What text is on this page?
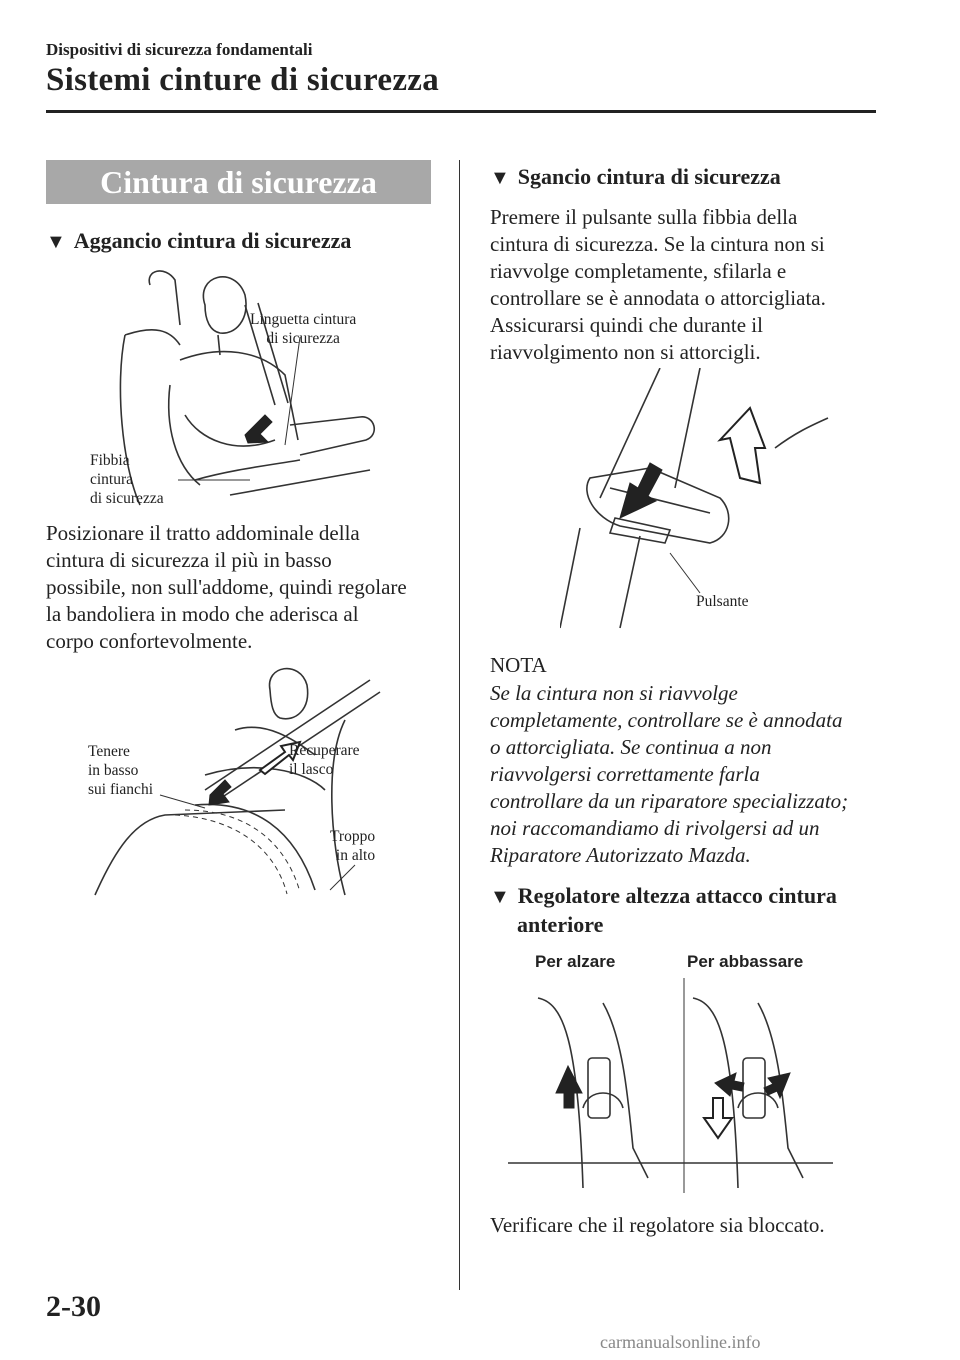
Dispositivi di sicurezza fondamentali
Sistemi cinture di sicurezza
Cintura di sicurezza
▼ Aggancio cintura di sicurezza
Linguetta cintura
di sicurezza
Fibbia
cintura
di sicurezza
Posizionare il tratto addominale della
cintura di sicurezza il più in basso
possibile, non sull'addome, quindi regolare
la bandoliera in modo che aderisca al
corpo confortevolmente.
Tenere
in basso
sui fianchi
Recuperare
il lasco
Troppo
in alto
▼ Sgancio cintura di sicurezza
Premere il pulsante sulla fibbia della
cintura di sicurezza. Se la cintura non si
riavvolge completamente, sfilarla e
controllare se è annodata o attorcigliata.
Assicurarsi quindi che durante il
riavvolgimento non si attorcigli.
Pulsante
NOTA
Se la cintura non si riavvolge
completamente, controllare se è annodata
o attorcigliata. Se continua a non
riavvolgersi correttamente farla
controllare da un riparatore specializzato;
noi raccomandiamo di rivolgersi ad un
Riparatore Autorizzato Mazda.
▼ Regolatore altezza attacco cintura
anteriore
Per alzare	Per abbassare
Verificare che il regolatore sia bloccato.
2-30
carmanualsonline.info
